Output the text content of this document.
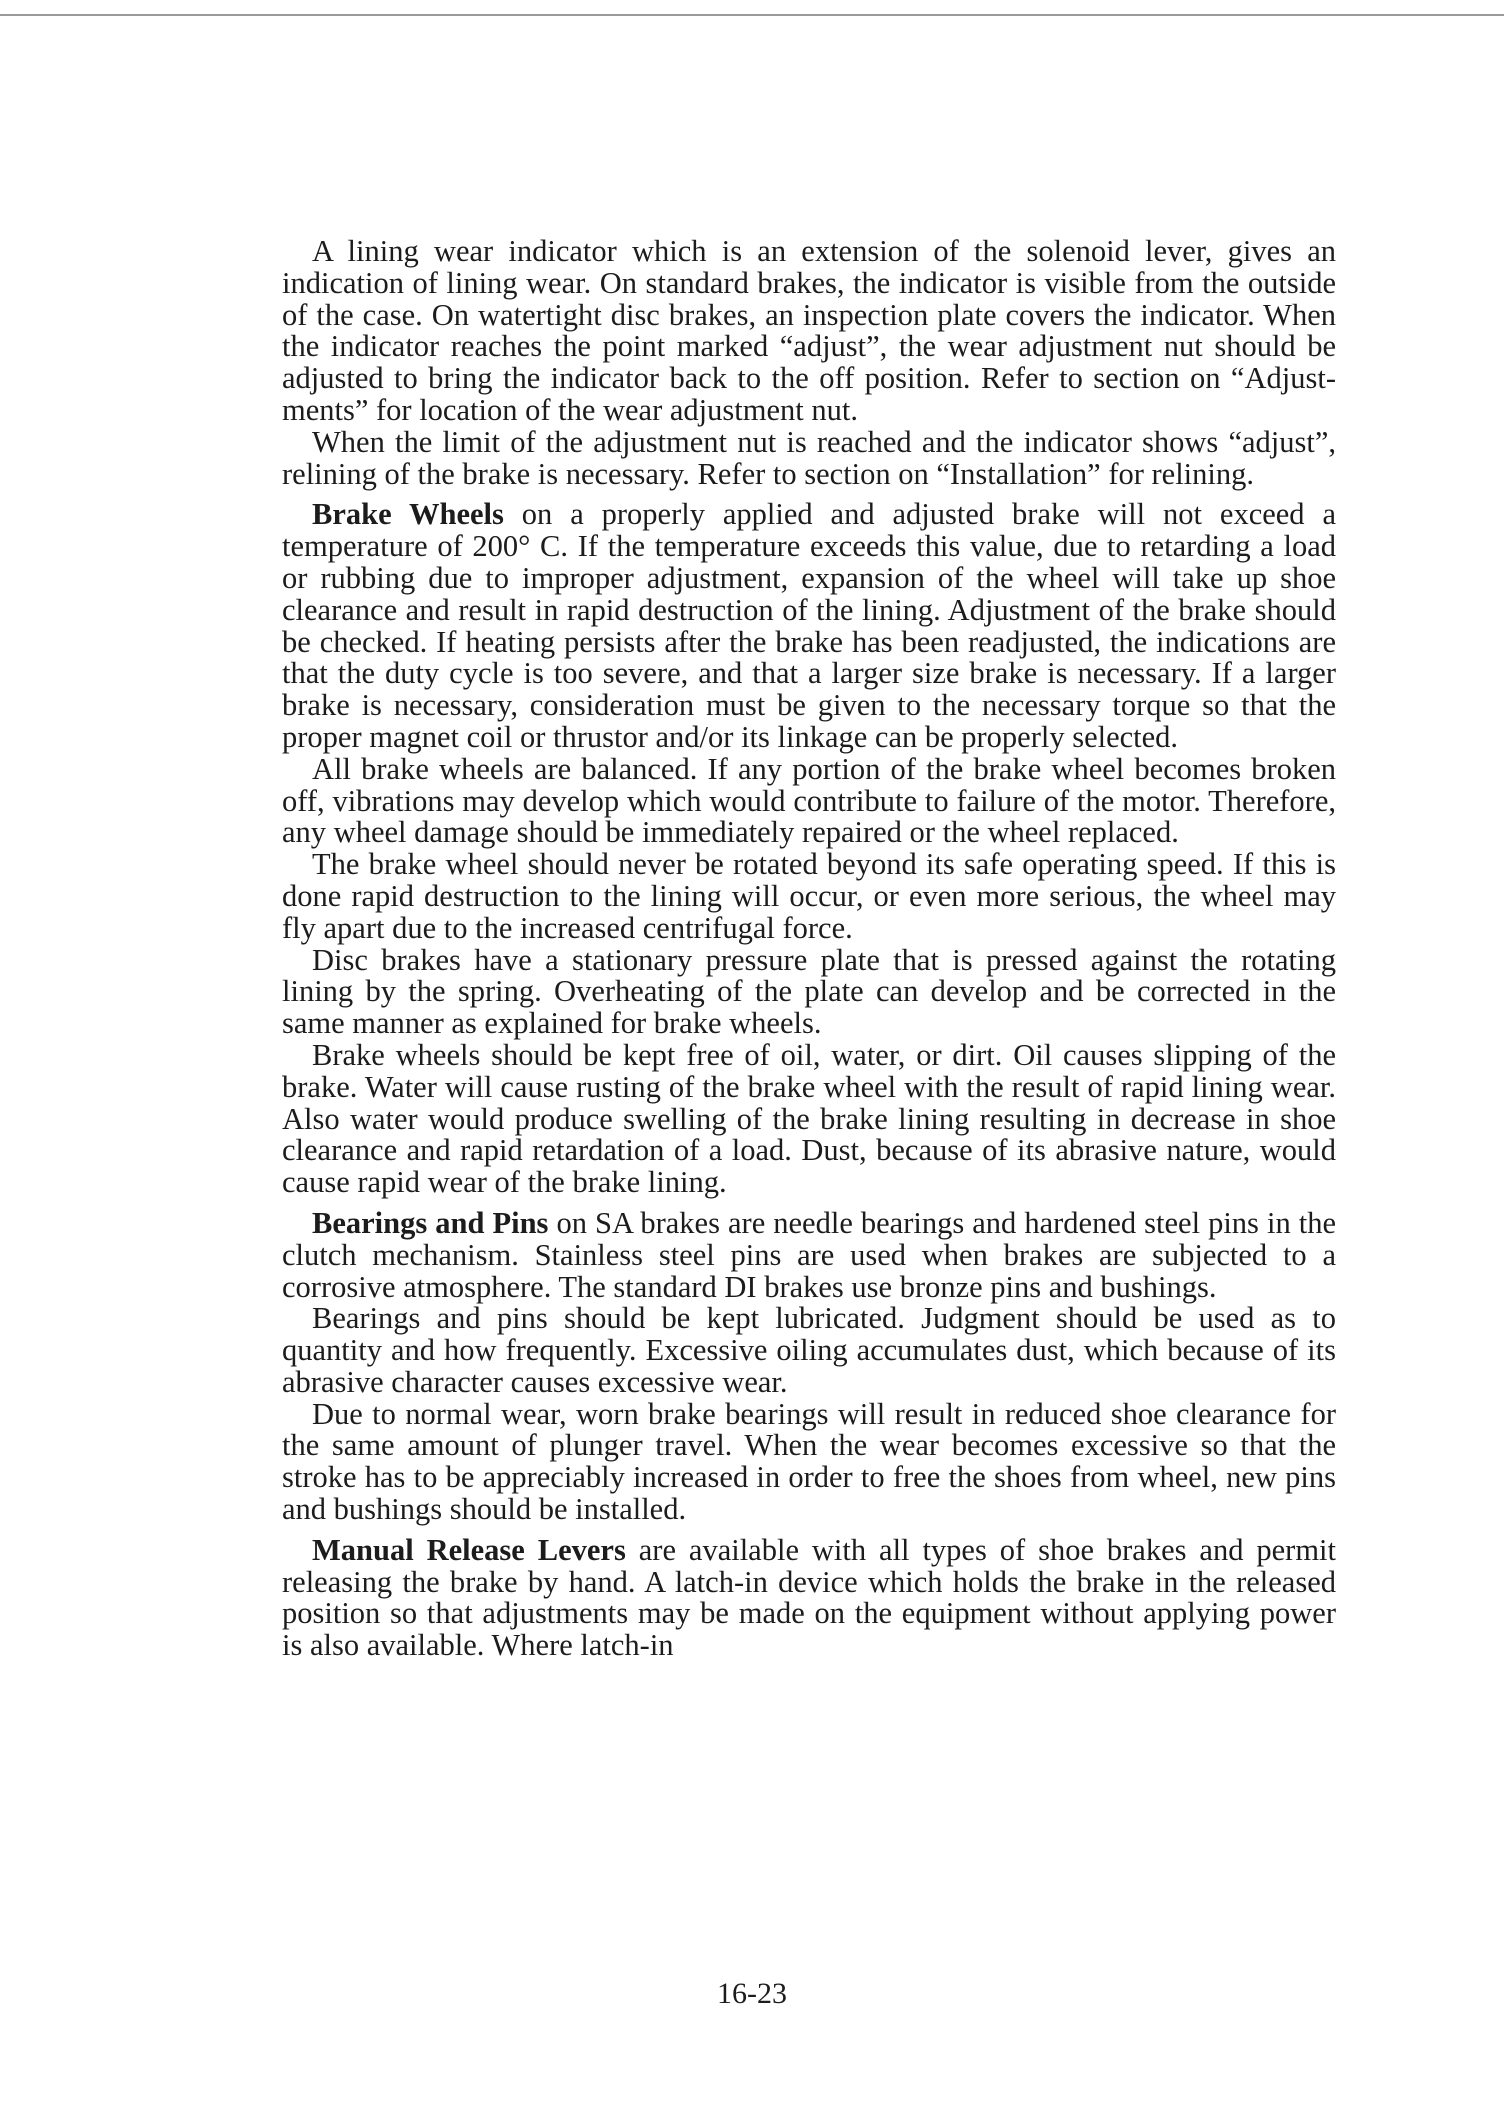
A lining wear indicator which is an extension of the solenoid lever, gives an indication of lining wear. On standard brakes, the indicator is visible from the outside of the case. On watertight disc brakes, an inspection plate covers the indicator. When the indicator reaches the point marked “adjust”, the wear adjustment nut should be adjusted to bring the indicator back to the off position. Refer to section on “Adjustments” for location of the wear adjustment nut.

When the limit of the adjustment nut is reached and the indicator shows “adjust”, relining of the brake is necessary. Refer to section on “Installation” for relining.

Brake Wheels on a properly applied and adjusted brake will not exceed a temperature of 200° C. If the temperature exceeds this value, due to retarding a load or rubbing due to improper adjustment, expansion of the wheel will take up shoe clearance and result in rapid destruction of the lining. Adjustment of the brake should be checked. If heating persists after the brake has been readjusted, the indications are that the duty cycle is too severe, and that a larger size brake is necessary. If a larger brake is necessary, consideration must be given to the necessary torque so that the proper magnet coil or thrustor and/or its linkage can be properly selected.

All brake wheels are balanced. If any portion of the brake wheel becomes broken off, vibrations may develop which would contribute to failure of the motor. Therefore, any wheel damage should be immediately repaired or the wheel replaced.

The brake wheel should never be rotated beyond its safe operating speed. If this is done rapid destruction to the lining will occur, or even more serious, the wheel may fly apart due to the increased centrifugal force.

Disc brakes have a stationary pressure plate that is pressed against the rotating lining by the spring. Overheating of the plate can develop and be corrected in the same manner as explained for brake wheels.

Brake wheels should be kept free of oil, water, or dirt. Oil causes slipping of the brake. Water will cause rusting of the brake wheel with the result of rapid lining wear. Also water would produce swelling of the brake lining resulting in decrease in shoe clearance and rapid retardation of a load. Dust, because of its abrasive nature, would cause rapid wear of the brake lining.

Bearings and Pins on SA brakes are needle bearings and hardened steel pins in the clutch mechanism. Stainless steel pins are used when brakes are subjected to a corrosive atmosphere. The standard DI brakes use bronze pins and bushings.

Bearings and pins should be kept lubricated. Judgment should be used as to quantity and how frequently. Excessive oiling accumulates dust, which because of its abrasive character causes excessive wear.

Due to normal wear, worn brake bearings will result in reduced shoe clearance for the same amount of plunger travel. When the wear becomes excessive so that the stroke has to be appreciably increased in order to free the shoes from wheel, new pins and bushings should be installed.

Manual Release Levers are available with all types of shoe brakes and permit releasing the brake by hand. A latch-in device which holds the brake in the released position so that adjustments may be made on the equipment without applying power is also available. Where latch-in

16-23
